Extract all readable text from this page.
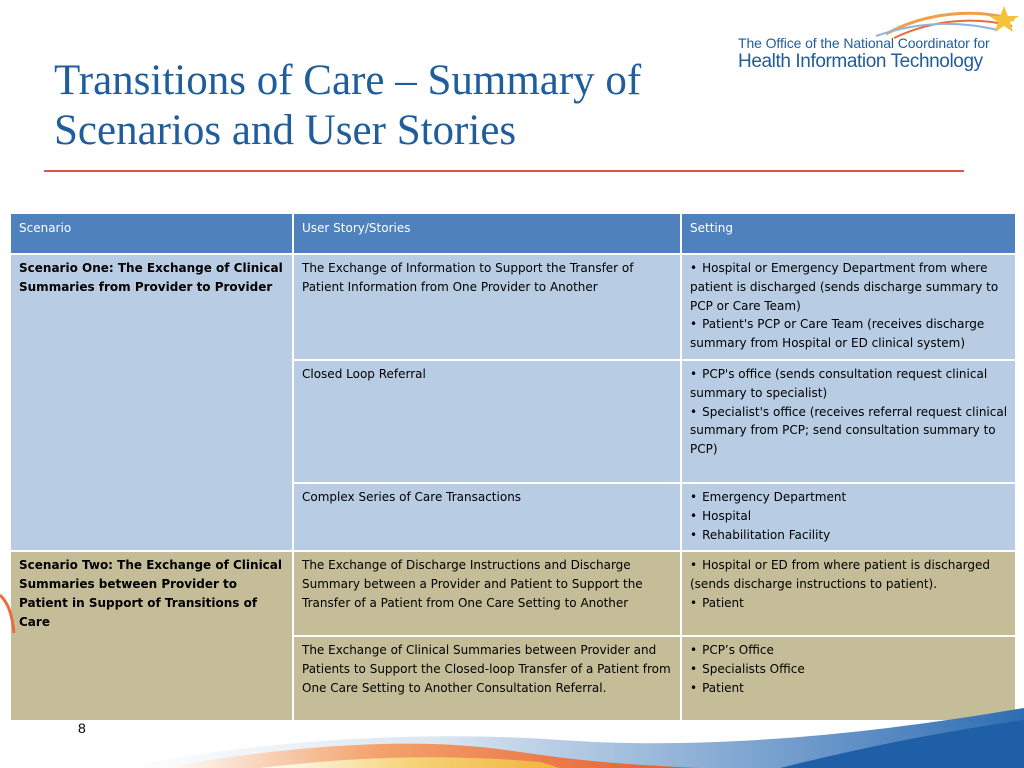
Transitions of Care – Summary of
Scenarios and User Stories
The Office of the National Coordinator for
Health Information Technology
Scenario	User Story/Stories	Setting
Scenario One: The Exchange of Clinical Summaries from Provider to Provider	The Exchange of Information to Support the Transfer of Patient Information from One Provider to Another	• Hospital or Emergency Department from where patient is discharged (sends discharge summary to PCP or Care Team)
• Patient's PCP or Care Team (receives discharge summary from Hospital or ED clinical system)

	Closed Loop Referral	• PCP's office (sends consultation request clinical summary to specialist)
• Specialist's office (receives referral request clinical summary from PCP; send consultation summary to PCP)

	Complex Series of Care Transactions	• Emergency Department
• Hospital
• Rehabilitation Facility

Scenario Two: The Exchange of Clinical Summaries between Provider to Patient in Support of Transitions of Care	The Exchange of Discharge Instructions and Discharge Summary between a Provider and Patient to Support the Transfer of a Patient from One Care Setting to Another	• Hospital or ED from where patient is discharged (sends discharge instructions to patient).
• Patient

	The Exchange of Clinical Summaries between Provider and Patients to Support the Closed-loop Transfer of a Patient from One Care Setting to Another Consultation Referral.	• PCP’s Office
• Specialists Office
• Patient
8
